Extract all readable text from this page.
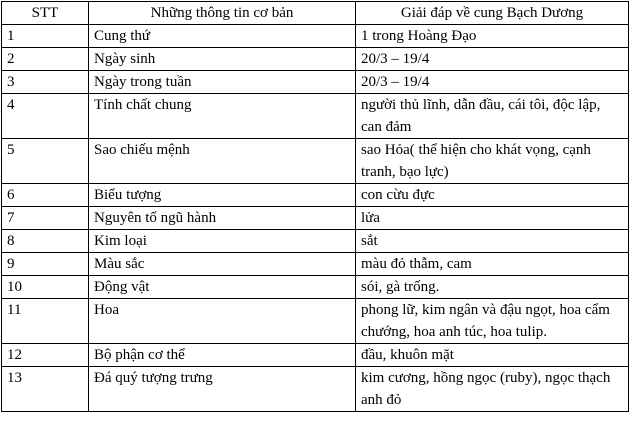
STT	Những thông tin cơ bản	Giải đáp về cung Bạch Dương
1	Cung thứ	1 trong Hoàng Đạo
2	Ngày sinh	20/3 – 19/4
3	Ngày trong tuần	20/3 – 19/4
4	Tính chất chung	người thủ lĩnh, dẫn đầu, cái tôi, độc lập, can đảm
5	Sao chiếu mệnh	sao Hỏa( thể hiện cho khát vọng, cạnh tranh, bạo lực)
6	Biểu tượng	con cừu đực
7	Nguyên tố ngũ hành	lửa
8	Kim loại	sắt
9	Màu sắc	màu đỏ thẫm, cam
10	Động vật	sói, gà trống.
11	Hoa	phong lữ, kim ngân và đậu ngọt, hoa cẩm chướng, hoa anh túc, hoa tulip.
12	Bộ phận cơ thể	đầu, khuôn mặt
13	Đá quý tượng trưng	kim cương, hồng ngọc (ruby), ngọc thạch anh đỏ
